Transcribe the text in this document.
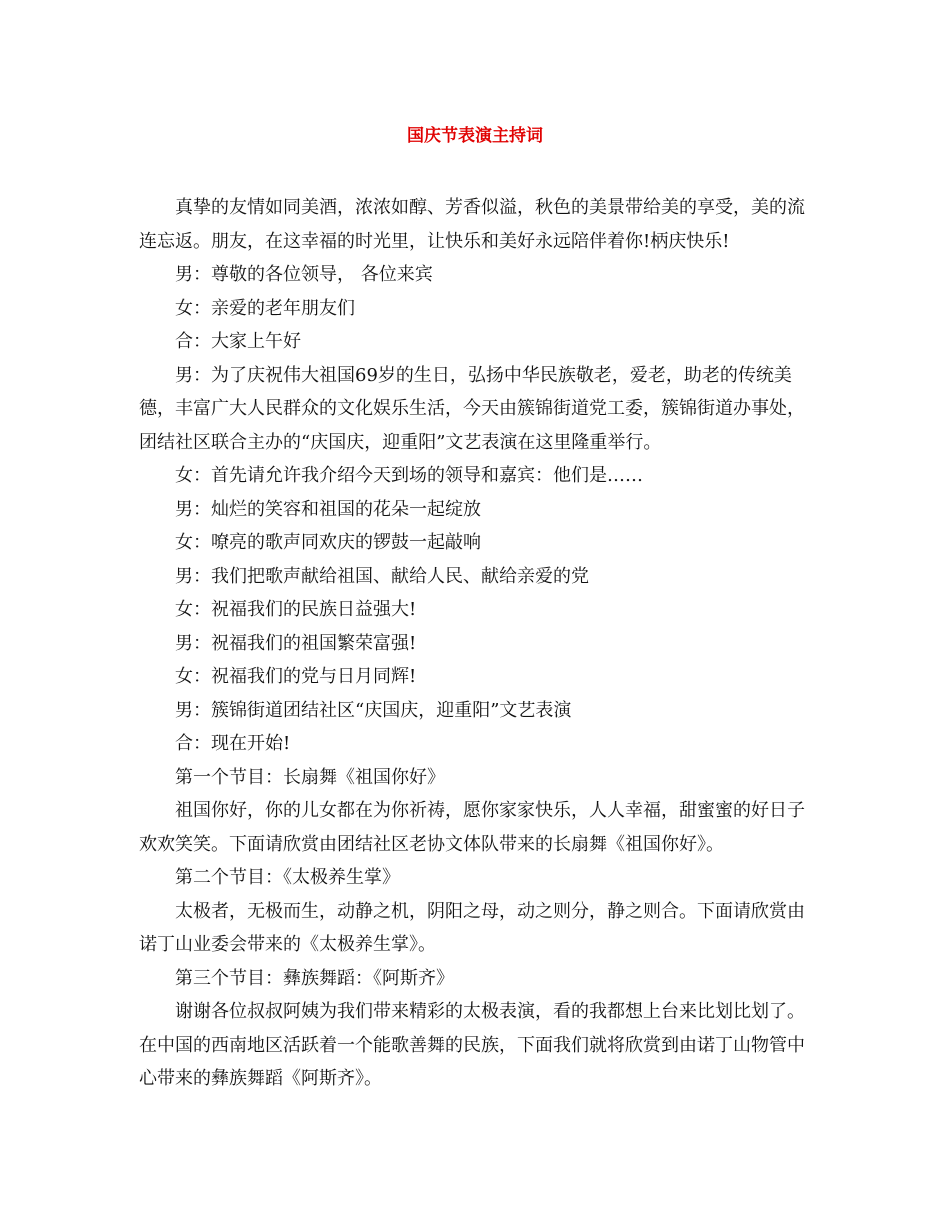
国庆节表演主持词

真挚的友情如同美酒，浓浓如醇、芳香似溢，秋色的美景带给美的享受，美的流连忘返。朋友，在这幸福的时光里，让快乐和美好永远陪伴着你!柄庆快乐!

男：尊敬的各位领导， 各位来宾

女：亲爱的老年朋友们

合：大家上午好

男：为了庆祝伟大祖国69岁的生日，弘扬中华民族敬老，爱老，助老的传统美德，丰富广大人民群众的文化娱乐生活，今天由簇锦街道党工委，簇锦街道办事处，团结社区联合主办的“庆国庆，迎重阳”文艺表演在这里隆重举行。

女：首先请允许我介绍今天到场的领导和嘉宾：他们是……

男：灿烂的笑容和祖国的花朵一起绽放

女：嘹亮的歌声同欢庆的锣鼓一起敲响

男：我们把歌声献给祖国、献给人民、献给亲爱的党

女：祝福我们的民族日益强大!

男：祝福我们的祖国繁荣富强!

女：祝福我们的党与日月同辉!

男：簇锦街道团结社区“庆国庆，迎重阳”文艺表演

合：现在开始!

第一个节目：长扇舞《祖国你好》

祖国你好，你的儿女都在为你祈祷，愿你家家快乐，人人幸福，甜蜜蜜的好日子欢欢笑笑。下面请欣赏由团结社区老协文体队带来的长扇舞《祖国你好》。

第二个节目：《太极养生掌》

太极者，无极而生，动静之机，阴阳之母，动之则分，静之则合。下面请欣赏由诺丁山业委会带来的《太极养生掌》。

第三个节目：彝族舞蹈：《阿斯齐》

谢谢各位叔叔阿姨为我们带来精彩的太极表演，看的我都想上台来比划比划了。在中国的西南地区活跃着一个能歌善舞的民族，下面我们就将欣赏到由诺丁山物管中心带来的彝族舞蹈《阿斯齐》。
